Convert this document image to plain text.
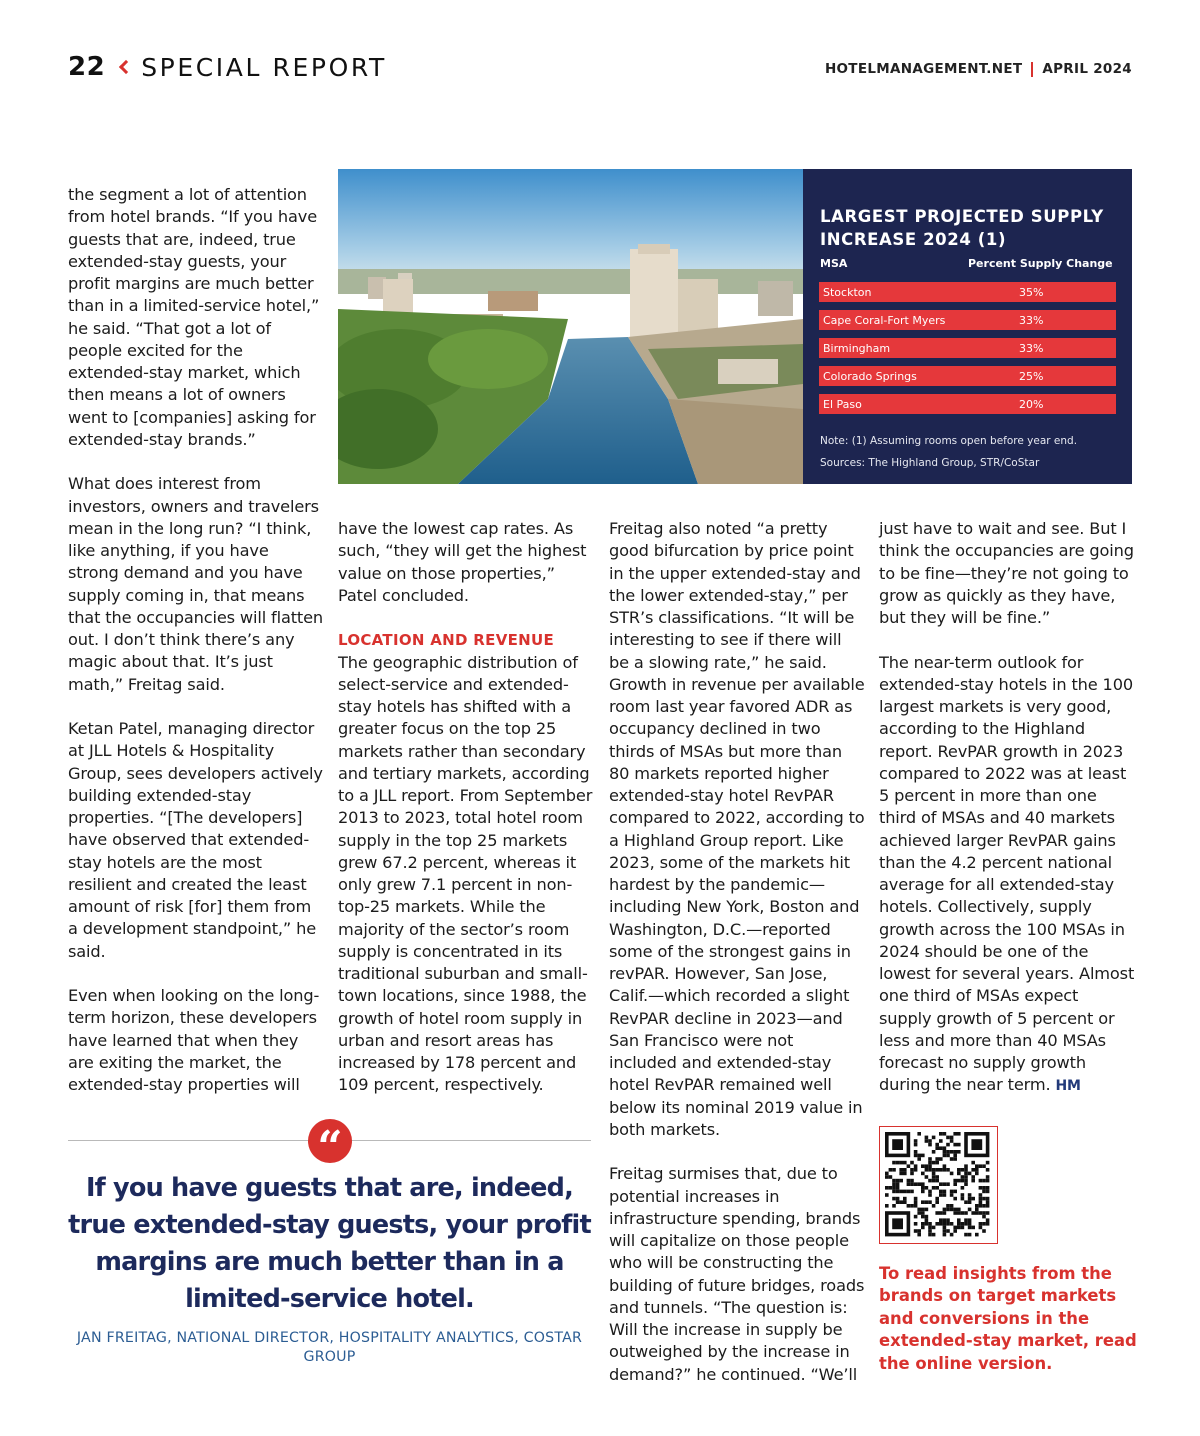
22 SPECIAL REPORT	HOTELMANAGEMENT.NET APRIL 2024

the segment a lot of attention from hotel brands. “If you have guests that are, indeed, true extended-stay guests, your profit margins are much better than in a limited-service hotel,” he said. “That got a lot of people excited for the extended-stay market, which then means a lot of owners went to [companies] asking for extended-stay brands.”

What does interest from investors, owners and travelers mean in the long run? “I think, like anything, if you have strong demand and you have supply coming in, that means that the occupancies will flatten out. I don’t think there’s any magic about that. It’s just math,” Freitag said.

Ketan Patel, managing director at JLL Hotels & Hospitality Group, sees developers actively building extended-stay properties. “[The developers] have observed that extended-stay hotels are the most resilient and created the least amount of risk [for] them from a development standpoint,” he said.

Even when looking on the long-term horizon, these developers have learned that when they are exiting the market, the extended-stay properties will

LARGEST PROJECTED SUPPLY INCREASE 2024 (1)
MSA	Percent Supply Change
Stockton	35%
Cape Coral-Fort Myers	33%
Birmingham	33%
Colorado Springs	25%
El Paso	20%
Note: (1) Assuming rooms open before year end.
Sources: The Highland Group, STR/CoStar

have the lowest cap rates. As such, “they will get the highest value on those properties,” Patel concluded.

LOCATION AND REVENUE

The geographic distribution of select-service and extended-stay hotels has shifted with a greater focus on the top 25 markets rather than secondary and tertiary markets, according to a JLL report. From September 2013 to 2023, total hotel room supply in the top 25 markets grew 67.2 percent, whereas it only grew 7.1 percent in non-top-25 markets. While the majority of the sector’s room supply is concentrated in its traditional suburban and small-town locations, since 1988, the growth of hotel room supply in urban and resort areas has increased by 178 percent and 109 percent, respectively.

Freitag also noted “a pretty good bifurcation by price point in the upper extended-stay and the lower extended-stay,” per STR’s classifications. “It will be interesting to see if there will be a slowing rate,” he said. Growth in revenue per available room last year favored ADR as occupancy declined in two thirds of MSAs but more than 80 markets reported higher extended-stay hotel RevPAR compared to 2022, according to a Highland Group report. Like 2023, some of the markets hit hardest by the pandemic—including New York, Boston and Washington, D.C.—reported some of the strongest gains in revPAR. However, San Jose, Calif.—which recorded a slight RevPAR decline in 2023—and San Francisco were not included and extended-stay hotel RevPAR remained well below its nominal 2019 value in both markets.

Freitag surmises that, due to potential increases in infrastructure spending, brands will capitalize on those people who will be constructing the building of future bridges, roads and tunnels. “The question is: Will the increase in supply be outweighed by the increase in demand?” he continued. “We’ll

just have to wait and see. But I think the occupancies are going to be fine—they’re not going to grow as quickly as they have, but they will be fine.”

The near-term outlook for extended-stay hotels in the 100 largest markets is very good, according to the Highland report. RevPAR growth in 2023 compared to 2022 was at least 5 percent in more than one third of MSAs and 40 markets achieved larger RevPAR gains than the 4.2 percent national average for all extended-stay hotels. Collectively, supply growth across the 100 MSAs in 2024 should be one of the lowest for several years. Almost one third of MSAs expect supply growth of 5 percent or less and more than 40 MSAs forecast no supply growth during the near term. HM

“
If you have guests that are, indeed, true extended-stay guests, your profit margins are much better than in a limited-service hotel.
JAN FREITAG, NATIONAL DIRECTOR, HOSPITALITY ANALYTICS, COSTAR GROUP
To read insights from the brands on target markets and conversions in the extended-stay market, read the online version.
